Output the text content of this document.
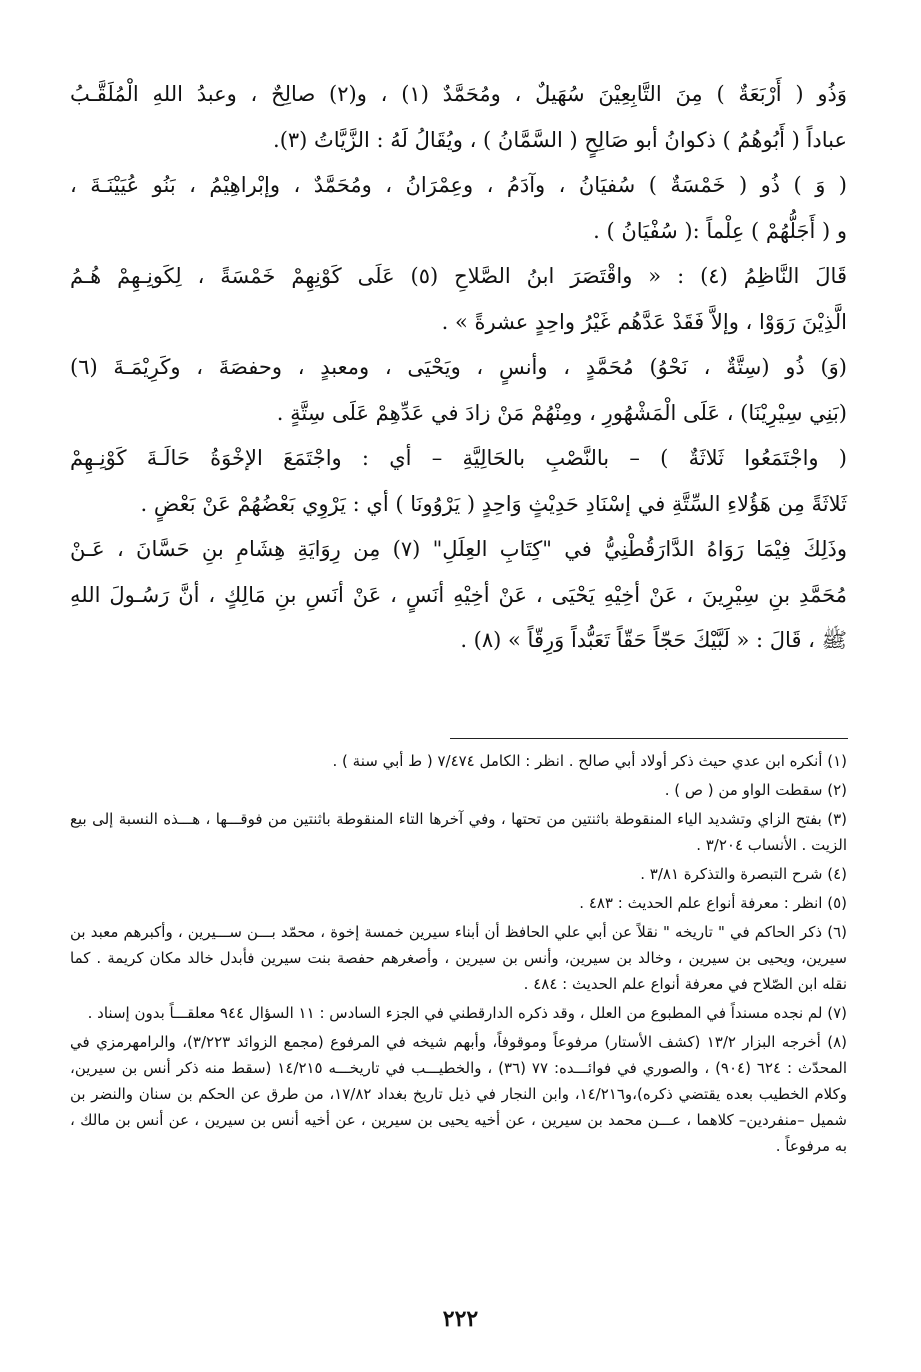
وَذُو ( أَرْبَعَةٌ ) مِنَ التَّابِعِيْنَ سُهَيلٌ ، ومُحَمَّدٌ (١) ، و(٢) صالِحٌ ، وعبدُ اللهِ الْمُلَقَّـبُ

عباداً ( أَبُوهُمُ ) ذكوانُ أبو صَالِحٍ ( السَّمَّانُ ) ، ويُقَالُ لَهُ : الزَّيَّاتُ (٣).

( وَ ) ذُو ( خَمْسَةٌ ) سُفيَانُ ، وآدَمُ ، وعِمْرَانُ ، ومُحَمَّدٌ ، وإبْراهِيْمُ ، بَنُو عُيَيْنَـةَ ،

و ( أَجَلُّهُمْ ) عِلْماً :( سُفْيَانُ ) .

قَالَ النَّاظِمُ (٤) : « واقْتَصَرَ ابنُ الصَّلاحِ (٥) عَلَى كَوْنِهِمْ خَمْسَةً ، لِكَونِـهِمْ هُـمُ

الَّذِيْنَ رَوَوْا ، وإلاَّ فَقَدْ عَدَّهُم غَيْرُ واحِدٍ عشرةً » .

(وَ) ذُو (سِتَّةٌ ، نَحْوُ) مُحَمَّدٍ ، وأنسٍ ، ويَحْيَى ، ومعبدٍ ، وحفصَةَ ، وكَرِيْمَـةَ (٦)

(بَنِي سِيْرِيْنَا) ، عَلَى الْمَشْهُورِ ، ومِنْهُمْ مَنْ زادَ في عَدِّهِمْ عَلَى سِتَّةٍ .

( واجْتَمَعُوا ثَلاثَةٌ ) – بالنَّصْبِ بالحَالِيَّةِ – أي : واجْتَمَعَ الإخْوَةُ حَالَـةَ كَوْنِـهِمْ

ثَلاثَةً مِن هَؤُلاءِ السِّتَّةِ في إسْنَادِ حَدِيْثٍ وَاحِدٍ ( يَرْوُونَا ) أي : يَرْوِي بَعْضُهُمْ عَنْ بَعْضٍ .

وذَلِكَ فِيْمَا رَوَاهُ الدَّارَقُطْنِيُّ في "كِتَابِ العِلَلِ" (٧) مِن رِوَايَةِ هِشَامِ بنِ حَسَّانَ ، عَـنْ

مُحَمَّدِ بنِ سِيْرِينَ ، عَنْ أخِيْهِ يَحْيَى ، عَنْ أخِيْهِ أنَسٍ ، عَنْ أنَسِ بنِ مَالِكٍ ، أنَّ رَسُـولَ اللهِ

ﷺ ، قَالَ : « لَبَّيْكَ حَجّاً حَقّاً تَعَبُّداً وَرِقّاً » (٨) .

(١) أنكره ابن عدي حيث ذكر أولاد أبي صالح . انظر : الكامل ٧/٤٧٤ ( ط أبي سنة ) .

(٢) سقطت الواو من ( ص ) .

(٣) بفتح الزاي وتشديد الياء المنقوطة باثنتين من تحتها ، وفي آخرها التاء المنقوطة باثنتين من فوقـــها ، هـــذه النسبة إلى بيع الزيت . الأنساب ٣/٢٠٤ .

(٤) شرح التبصرة والتذكرة ٣/٨١ .

(٥) انظر : معرفة أنواع علم الحديث : ٤٨٣ .

(٦) ذكر الحاكم في " تاريخه " نقلاً عن أبي علي الحافظ أن أبناء سيرين خمسة إخوة ، محمّد بـــن ســـيرين ، وأكبرهم معبد بن سيرين، ويحيى بن سيرين ، وخالد بن سيرين، وأنس بن سيرين ، وأصغرهم حفصة بنت سيرين فأبدل خالد مكان كريمة . كما نقله ابن الصّلاح في معرفة أنواع علم الحديث : ٤٨٤ .

(٧) لم نجده مسنداً في المطبوع من العلل ، وقد ذكره الدارقطني في الجزء السادس : ١١ السؤال ٩٤٤ معلقـــاً بدون إسناد .

(٨) أخرجه البزار ١٣/٢ (كشف الأستار) مرفوعاً وموقوفاً، وأبهم شيخه في المرفوع (مجمع الزوائد ٣/٢٢٣)، والرامهرمزي في المحدّث : ٦٢٤ (٩٠٤) ، والصوري في فوائـــده: ٧٧ (٣٦) ، والخطيـــب في تاريخـــه ١٤/٢١٥ (سقط منه ذكر أنس بن سيرين، وكلام الخطيب بعده يقتضي ذكره)،و١٤/٢١٦، وابن النجار في ذيل تاريخ بغداد ١٧/٨٢، من طرق عن الحكم بن سنان والنضر بن شميل –منفردين– كلاهما ، عـــن محمد بن سيرين ، عن أخيه يحيى بن سيرين ، عن أخيه أنس بن سيرين ، عن أنس بن مالك ، به مرفوعاً .

٢٢٢
